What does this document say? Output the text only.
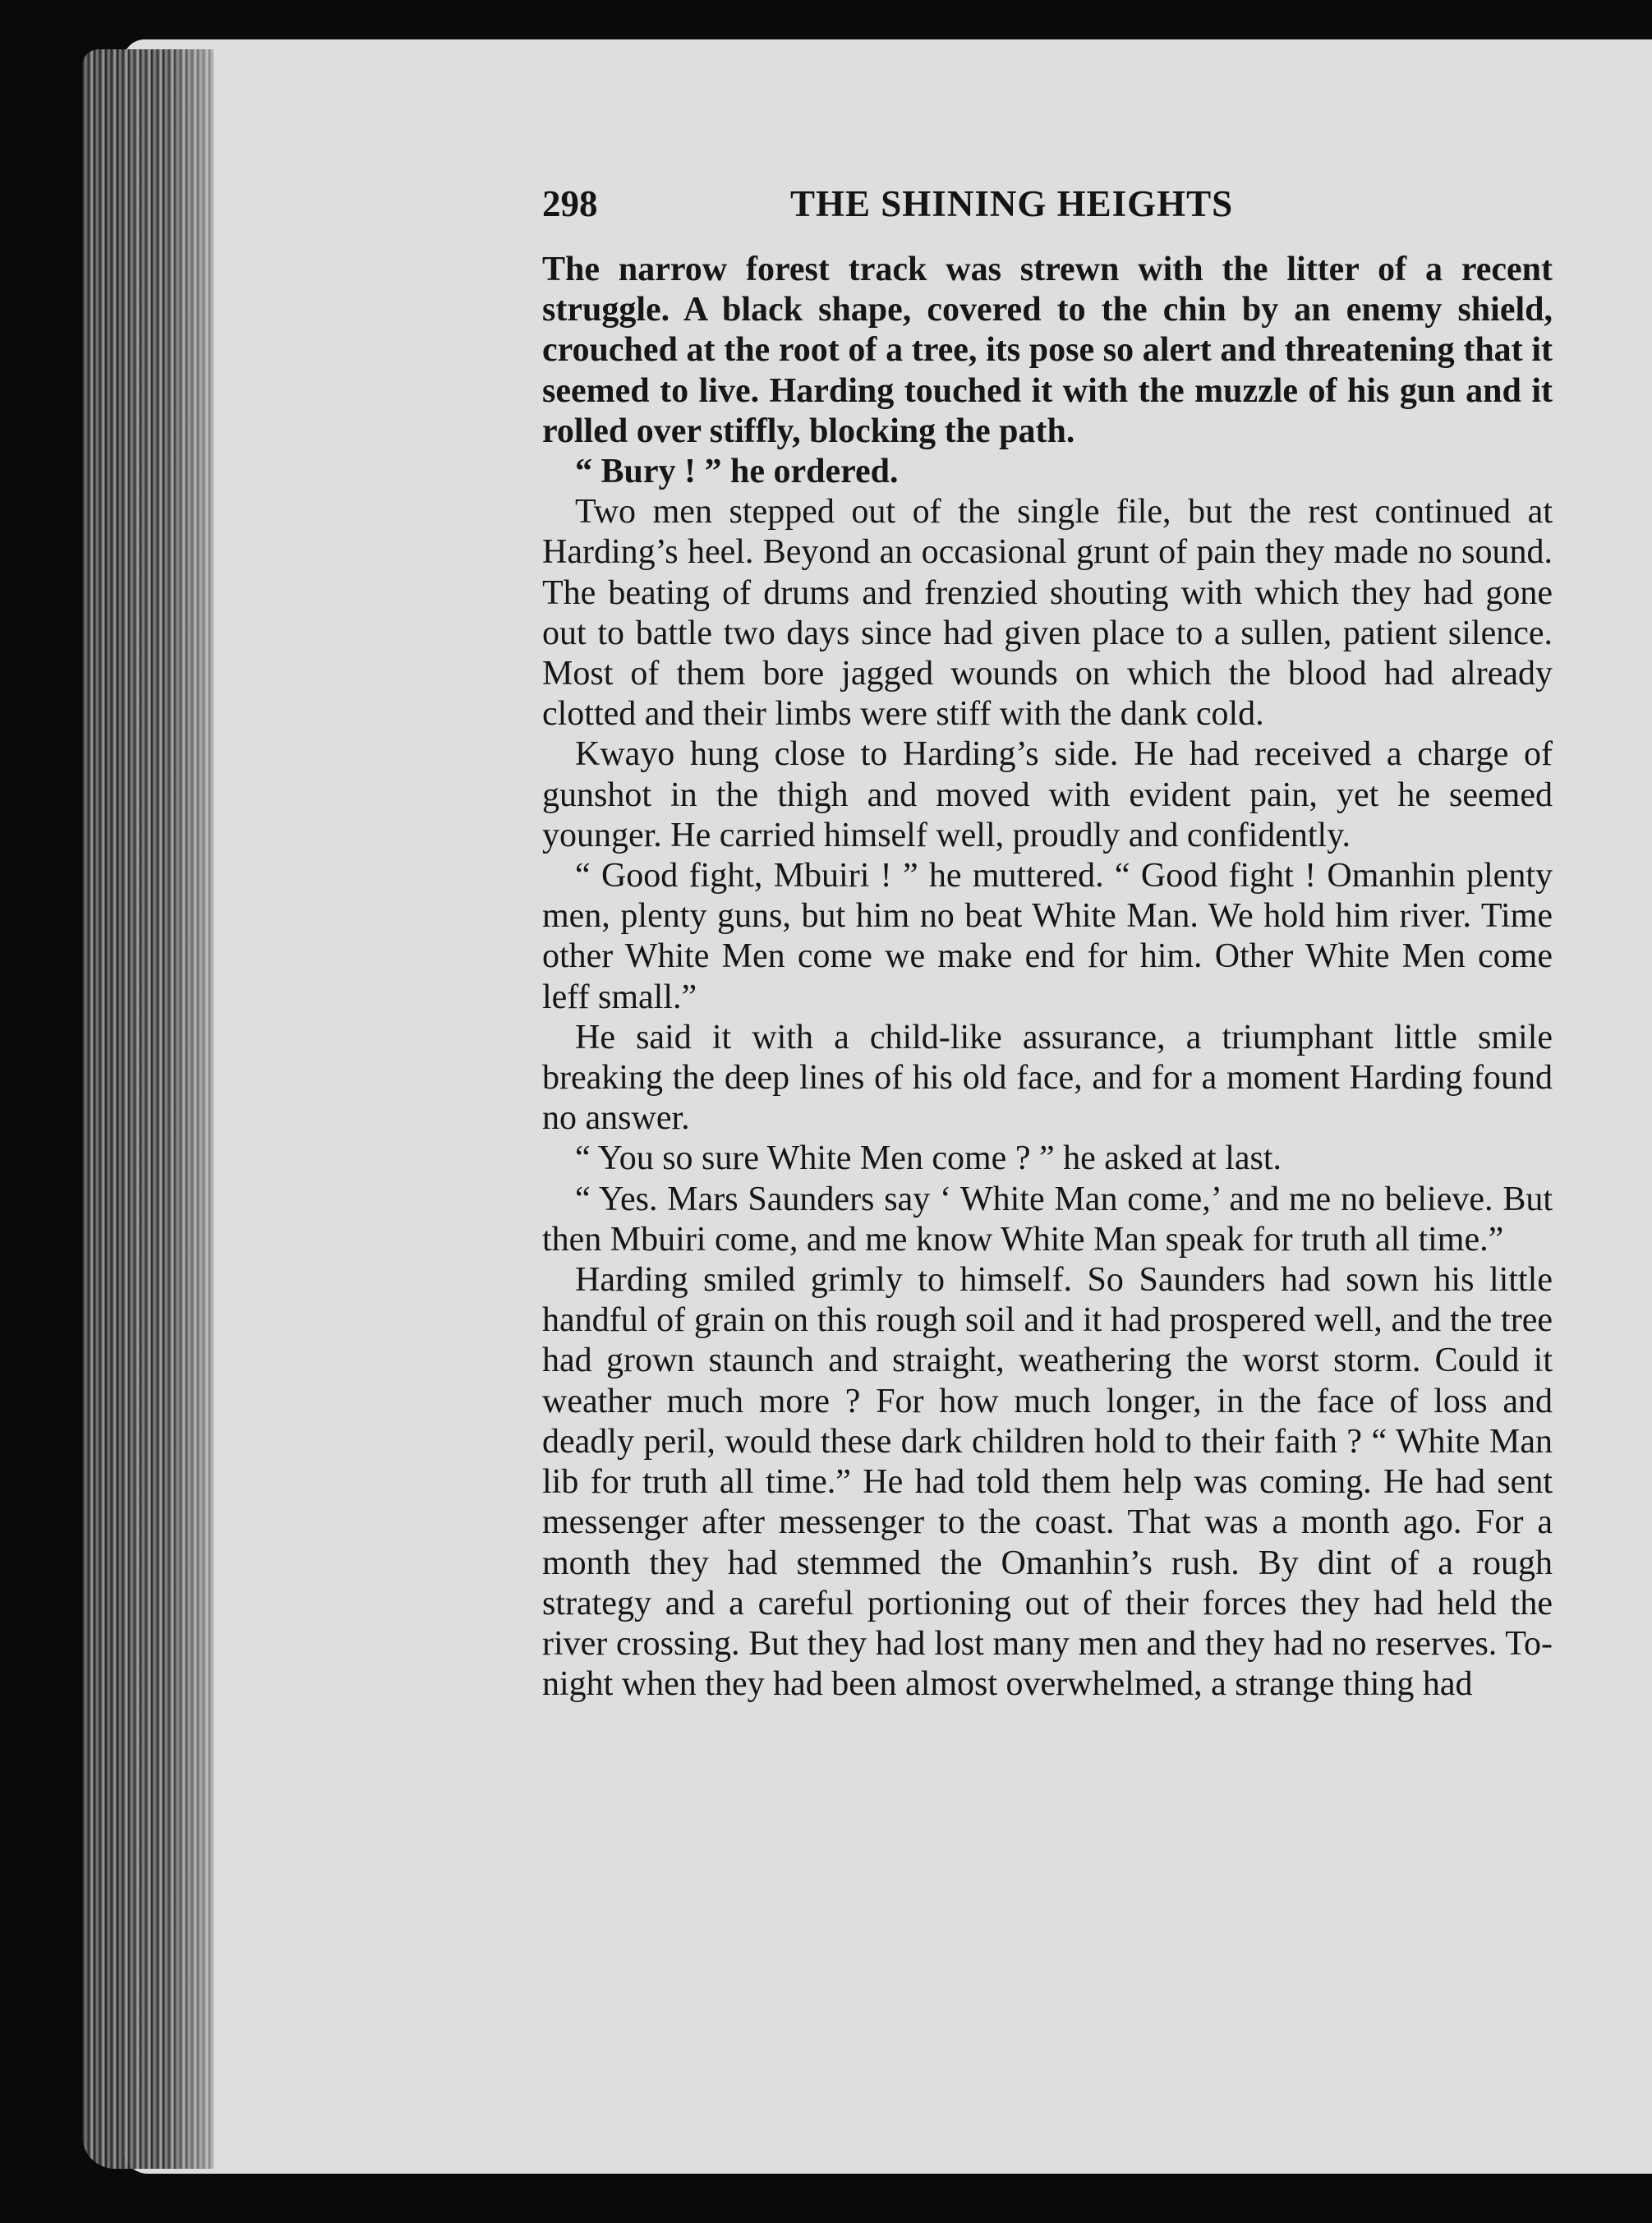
298	THE SHINING HEIGHTS

The narrow forest track was strewn with the litter of a recent struggle. A black shape, covered to the chin by an enemy shield, crouched at the root of a tree, its pose so alert and threatening that it seemed to live. Harding touched it with the muzzle of his gun and it rolled over stiffly, blocking the path.

“ Bury ! ” he ordered.

Two men stepped out of the single file, but the rest continued at Harding’s heel. Beyond an occasional grunt of pain they made no sound. The beating of drums and frenzied shouting with which they had gone out to battle two days since had given place to a sullen, patient silence. Most of them bore jagged wounds on which the blood had already clotted and their limbs were stiff with the dank cold.

Kwayo hung close to Harding’s side. He had received a charge of gunshot in the thigh and moved with evident pain, yet he seemed younger. He carried himself well, proudly and confidently.

“ Good fight, Mbuiri ! ” he muttered. “ Good fight ! Omanhin plenty men, plenty guns, but him no beat White Man. We hold him river. Time other White Men come we make end for him. Other White Men come leff small.”

He said it with a child-like assurance, a triumphant little smile breaking the deep lines of his old face, and for a moment Harding found no answer.

“ You so sure White Men come ? ” he asked at last.

“ Yes. Mars Saunders say ‘ White Man come,’ and me no believe. But then Mbuiri come, and me know White Man speak for truth all time.”

Harding smiled grimly to himself. So Saunders had sown his little handful of grain on this rough soil and it had prospered well, and the tree had grown staunch and straight, weathering the worst storm. Could it weather much more ? For how much longer, in the face of loss and deadly peril, would these dark children hold to their faith ? “ White Man lib for truth all time.” He had told them help was coming. He had sent messenger after messenger to the coast. That was a month ago. For a month they had stemmed the Omanhin’s rush. By dint of a rough strategy and a careful portioning out of their forces they had held the river crossing. But they had lost many men and they had no reserves. To-night when they had been almost overwhelmed, a strange thing had
